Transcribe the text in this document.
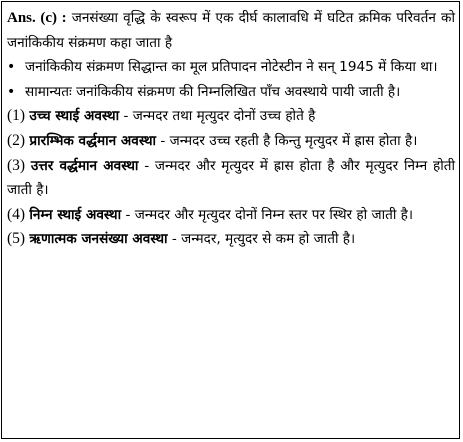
Ans. (c) : जनसंख्या वृद्धि के स्वरूप में एक दीर्घ कालावधि में घटित क्रमिक परिवर्तन को जनांकिकीय संक्रमण कहा जाता है

• जनांकिकीय संक्रमण सिद्धान्त का मूल प्रतिपादन नोटेस्टीन ने सन् 1945 में किया था।

• सामान्यतः जनांकिकीय संक्रमण की निम्नलिखित पाँच अवस्थाये पायी जाती है।

(1) उच्च स्थाई अवस्था - जन्मदर तथा मृत्युदर दोनों उच्च होते है

(2) प्रारम्भिक वर्द्धमान अवस्था - जन्मदर उच्च रहती है किन्तु मृत्युदर में ह्रास होता है।

(3) उत्तर वर्द्धमान अवस्था - जन्मदर और मृत्युदर में ह्रास होता है और मृत्युदर निम्न होती जाती है।

(4) निम्न स्थाई अवस्था - जन्मदर और मृत्युदर दोनों निम्न स्तर पर स्थिर हो जाती है।

(5) ऋणात्मक जनसंख्या अवस्था - जन्मदर, मृत्युदर से कम हो जाती है।
